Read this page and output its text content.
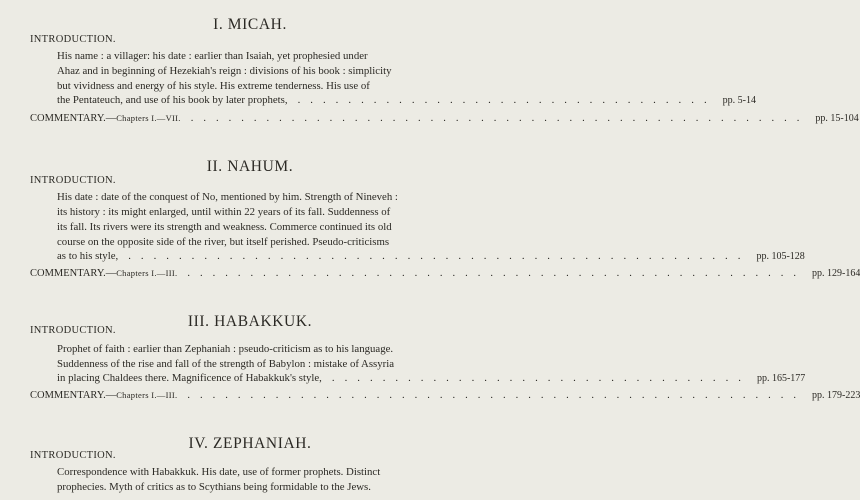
I. MICAH.
INTRODUCTION.
His name : a villager: his date : earlier than Isaiah, yet prophesied under
Ahaz and in beginning of Hezekiah's reign : divisions of his book : simplicity
but vividness and energy of his style. His extreme tenderness. His use of
the Pentateuch, and use of his book by later prophets, ................................. pp. 5-14
COMMENTARY.—Chapters I.—VII. ................................................. pp. 15-104
II. NAHUM.
INTRODUCTION.
His date : date of the conquest of No, mentioned by him. Strength of Nineveh :
its history : its might enlarged, until within 22 years of its fall. Suddenness of
its fall. Its rivers were its strength and weakness. Commerce continued its old
course on the opposite side of the river, but itself perished. Pseudo-criticisms
as to his style, ................................................. pp. 105-128
COMMENTARY.—Chapters I.—III. ................................................. pp. 129-164
III. HABAKKUK.
INTRODUCTION.
Prophet of faith : earlier than Zephaniah : pseudo-criticism as to his language.
Suddenness of the rise and fall of the strength of Babylon : mistake of Assyria
in placing Chaldees there. Magnificence of Habakkuk's style, ................................. pp. 165-177
COMMENTARY.—Chapters I.—III. ................................................. pp. 179-223
IV. ZEPHANIAH.
INTRODUCTION.
Correspondence with Habakkuk. His date, use of former prophets. Distinct
prophecies. Myth of critics as to Scythians being formidable to the Jews.
